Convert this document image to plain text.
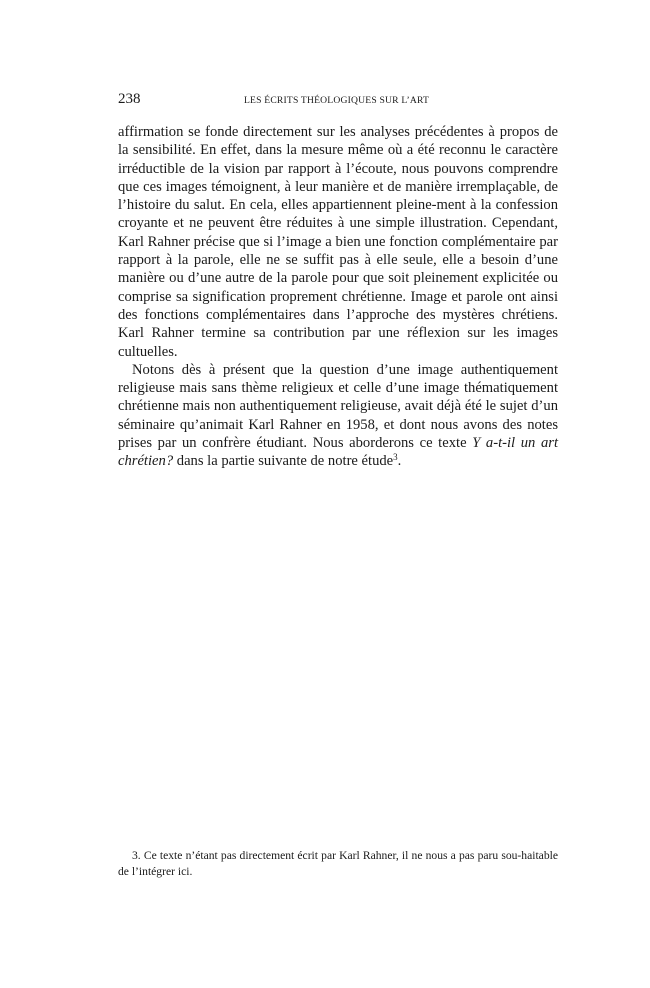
238	LES ÉCRITS THÉOLOGIQUES SUR L’ART

affirmation se fonde directement sur les analyses précédentes à propos de la sensibilité. En effet, dans la mesure même où a été reconnu le caractère irréductible de la vision par rapport à l’écoute, nous pouvons comprendre que ces images témoignent, à leur manière et de manière irremplaçable, de l’histoire du salut. En cela, elles appartiennent pleine-ment à la confession croyante et ne peuvent être réduites à une simple illustration. Cependant, Karl Rahner précise que si l’image a bien une fonction complémentaire par rapport à la parole, elle ne se suffit pas à elle seule, elle a besoin d’une manière ou d’une autre de la parole pour que soit pleinement explicitée ou comprise sa signification proprement chrétienne. Image et parole ont ainsi des fonctions complémentaires dans l’approche des mystères chrétiens. Karl Rahner termine sa contribution par une réflexion sur les images cultuelles.

Notons dès à présent que la question d’une image authentiquement religieuse mais sans thème religieux et celle d’une image thématiquement chrétienne mais non authentiquement religieuse, avait déjà été le sujet d’un séminaire qu’animait Karl Rahner en 1958, et dont nous avons des notes prises par un confrère étudiant. Nous aborderons ce texte Y a-t-il un art chrétien? dans la partie suivante de notre étude$^3$.

3. Ce texte n’étant pas directement écrit par Karl Rahner, il ne nous a pas paru sou-haitable de l’intégrer ici.
